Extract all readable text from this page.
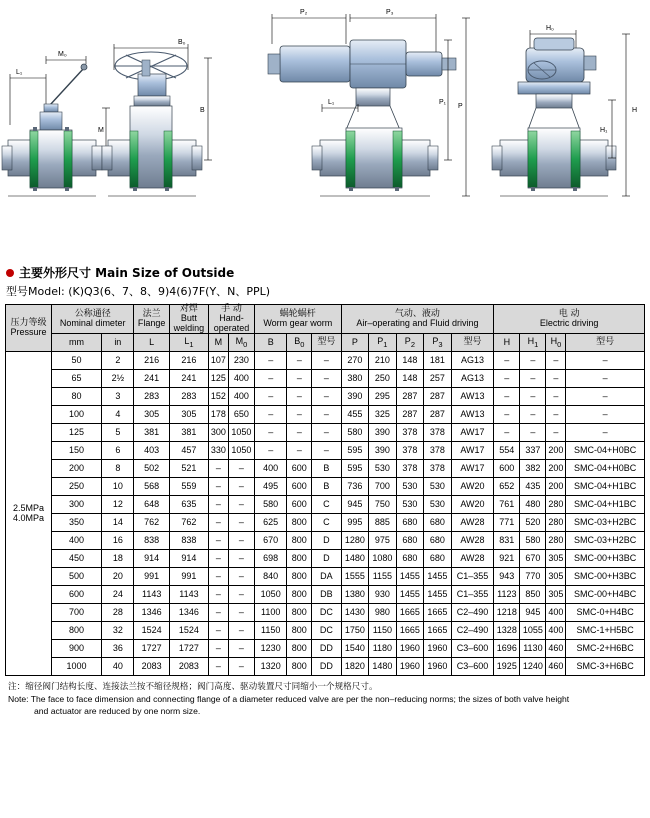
L₁
M₀
M
B₀
B
P₂	P₃
L₁	P₁
P
H₀
H
H₁
主要外形尺寸 Main Size of Outside
型号Model: (K)Q3(6、7、8、9)4(6)7F(Y、N、PPL)
压力等级
Pressure

公称通径
Nominal dimeter

法兰
Flange

对焊
Butt
welding

手 动
Hand-
operated

蜗轮蜗杆
Worm gear worm

气动、液动
Air–operating and Fluid driving

电 动
Electric driving

	mm	in	L	$L_1$	M	$M_0$	B	$B_0$	型号	P	$P_1$	$P_2$	$P_3$	型号	H	$H_1$	$H_0$	型号

2.5MPa
4.0MPa	50	2	216	216	107	230	–	–	–	270	210	148	181	AG13	–	–	–	–
	65	2½	241	241	125	400	–	–	–	380	250	148	257	AG13	–	–	–	–
	80	3	283	283	152	400	–	–	–	390	295	287	287	AW13	–	–	–	–
	100	4	305	305	178	650	–	–	–	455	325	287	287	AW13	–	–	–	–
	125	5	381	381	300	1050	–	–	–	580	390	378	378	AW17	–	–	–	–
	150	6	403	457	330	1050	–	–	–	595	390	378	378	AW17	554	337	200	SMC-04+H0BC
	200	8	502	521	–	–	400	600	B	595	530	378	378	AW17	600	382	200	SMC-04+H0BC
	250	10	568	559	–	–	495	600	B	736	700	530	530	AW20	652	435	200	SMC-04+H1BC
	300	12	648	635	–	–	580	600	C	945	750	530	530	AW20	761	480	280	SMC-04+H1BC
	350	14	762	762	–	–	625	800	C	995	885	680	680	AW28	771	520	280	SMC-03+H2BC
	400	16	838	838	–	–	670	800	D	1280	975	680	680	AW28	831	580	280	SMC-03+H2BC
	450	18	914	914	–	–	698	800	D	1480	1080	680	680	AW28	921	670	305	SMC-00+H3BC
	500	20	991	991	–	–	840	800	DA	1555	1155	1455	1455	C1–355	943	770	305	SMC-00+H3BC
	600	24	1143	1143	–	–	1050	800	DB	1380	930	1455	1455	C1–355	1123	850	305	SMC-00+H4BC
	700	28	1346	1346	–	–	1100	800	DC	1430	980	1665	1665	C2–490	1218	945	400	SMC-0+H4BC
	800	32	1524	1524	–	–	1150	800	DC	1750	1150	1665	1665	C2–490	1328	1055	400	SMC-1+H5BC
	900	36	1727	1727	–	–	1230	800	DD	1540	1180	1960	1960	C3–600	1696	1130	460	SMC-2+H6BC
	1000	40	2083	2083	–	–	1320	800	DD	1820	1480	1960	1960	C3–600	1925	1240	460	SMC-3+H6BC
注：缩径阀门结构长度、连接法兰按不缩径规格；阀门高度、驱动装置尺寸同缩小一个规格尺寸。
Note: The face to face dimension and connecting flange of a diameter reduced valve are per the non–reducing norms; the sizes of both valve height
and actuator are reduced by one norm size.
